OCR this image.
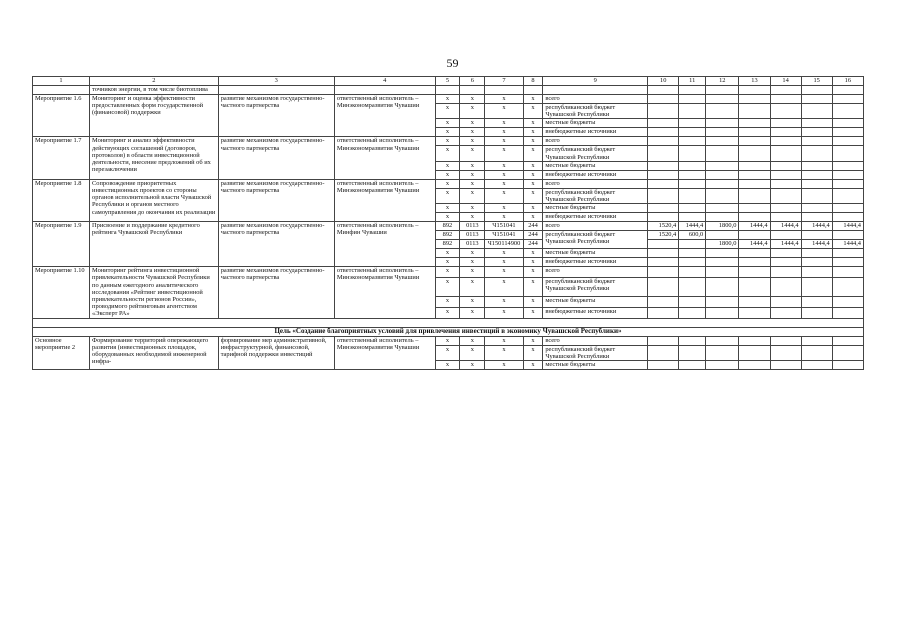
59
1	2	3	4	5	6	7	8	9	10	11	12	13	14	15	16
	точников энергии, в том числе биотоплива														
Мероприятие 1.6	Мониторинг и оценка эффективности предоставленных форм государственной (финансовой) поддержки	развитие механизмов государственно-частного партнерства	ответственный исполнитель – Минэкономразвития Чувашии	x	x	x	x	всего							
				x	x	x	x	республиканский бюджет Чувашской Республики							
				x	x	x	x	местные бюджеты							
				x	x	x	x	внебюджетные источники							
Мероприятие 1.7	Мониторинг и анализ эффективности действующих соглашений (договоров, протоколов) в области инвестиционной деятельности, внесение предложений об их перезаключении	развитие механизмов государственно-частного партнерства	ответственный исполнитель – Минэкономразвития Чувашии	x	x	x	x	всего							
				x	x	x	x	республиканский бюджет Чувашской Республики							
				x	x	x	x	местные бюджеты							
				x	x	x	x	внебюджетные источники							
Мероприятие 1.8	Сопровождение приоритетных инвестиционных проектов со стороны органов исполнительной власти Чувашской Республики и органов местного самоуправления до окончания их реализации	развитие механизмов государственно-частного партнерства	ответственный исполнитель – Минэкономразвития Чувашии	x	x	x	x	всего							
				x	x	x	x	республиканский бюджет Чувашской Республики							
				x	x	x	x	местные бюджеты							
				x	x	x	x	внебюджетные источники							
Мероприятие 1.9	Присвоение и поддержание кредитного рейтинга Чувашской Республики	развитие механизмов государственно-частного партнерства	ответственный исполнитель – Минфин Чувашии	892	0113	Ч151041	244	всего	1520,4	1444,4	1800,0	1444,4	1444,4	1444,4	1444,4
				892	0113	Ч151041	244	республиканский бюджет Чувашской Республики	1520,4	600,0					
				892	0113	Ч150114900	244				1800,0	1444,4	1444,4	1444,4	1444,4
				x	x	x	x	местные бюджеты							
				x	x	x	x	внебюджетные источники							
Мероприятие 1.10	Мониторинг рейтинга инвестиционной привлекательности Чувашской Республики по данным ежегодного аналитического исследования «Рейтинг инвестиционной привлекательности регионов России», проводимого рейтинговым агентством «Эксперт РА»	развитие механизмов государственно-частного партнерства	ответственный исполнитель – Минэкономразвития Чувашии	x	x	x	x	всего							
				x	x	x	x	республиканский бюджет Чувашской Республики							
				x	x	x	x	местные бюджеты							
				x	x	x	x	внебюджетные источники							

Цель «Создание благоприятных условий для привлечения инвестиций в экономику Чувашской Республики»															
Основное мероприятие 2	Формирование территорий опережающего развития (инвестиционных площадок, оборудованных необходимой инженерной инфра-	формирование мер административной, инфраструктурной, финансовой, тарифной поддержки инвестиций	ответственный исполнитель – Минэкономразвития Чувашии	x	x	x	x	всего							
				x	x	x	x	республиканский бюджет Чувашской Республики							
				x	x	x	x	местные бюджеты							
